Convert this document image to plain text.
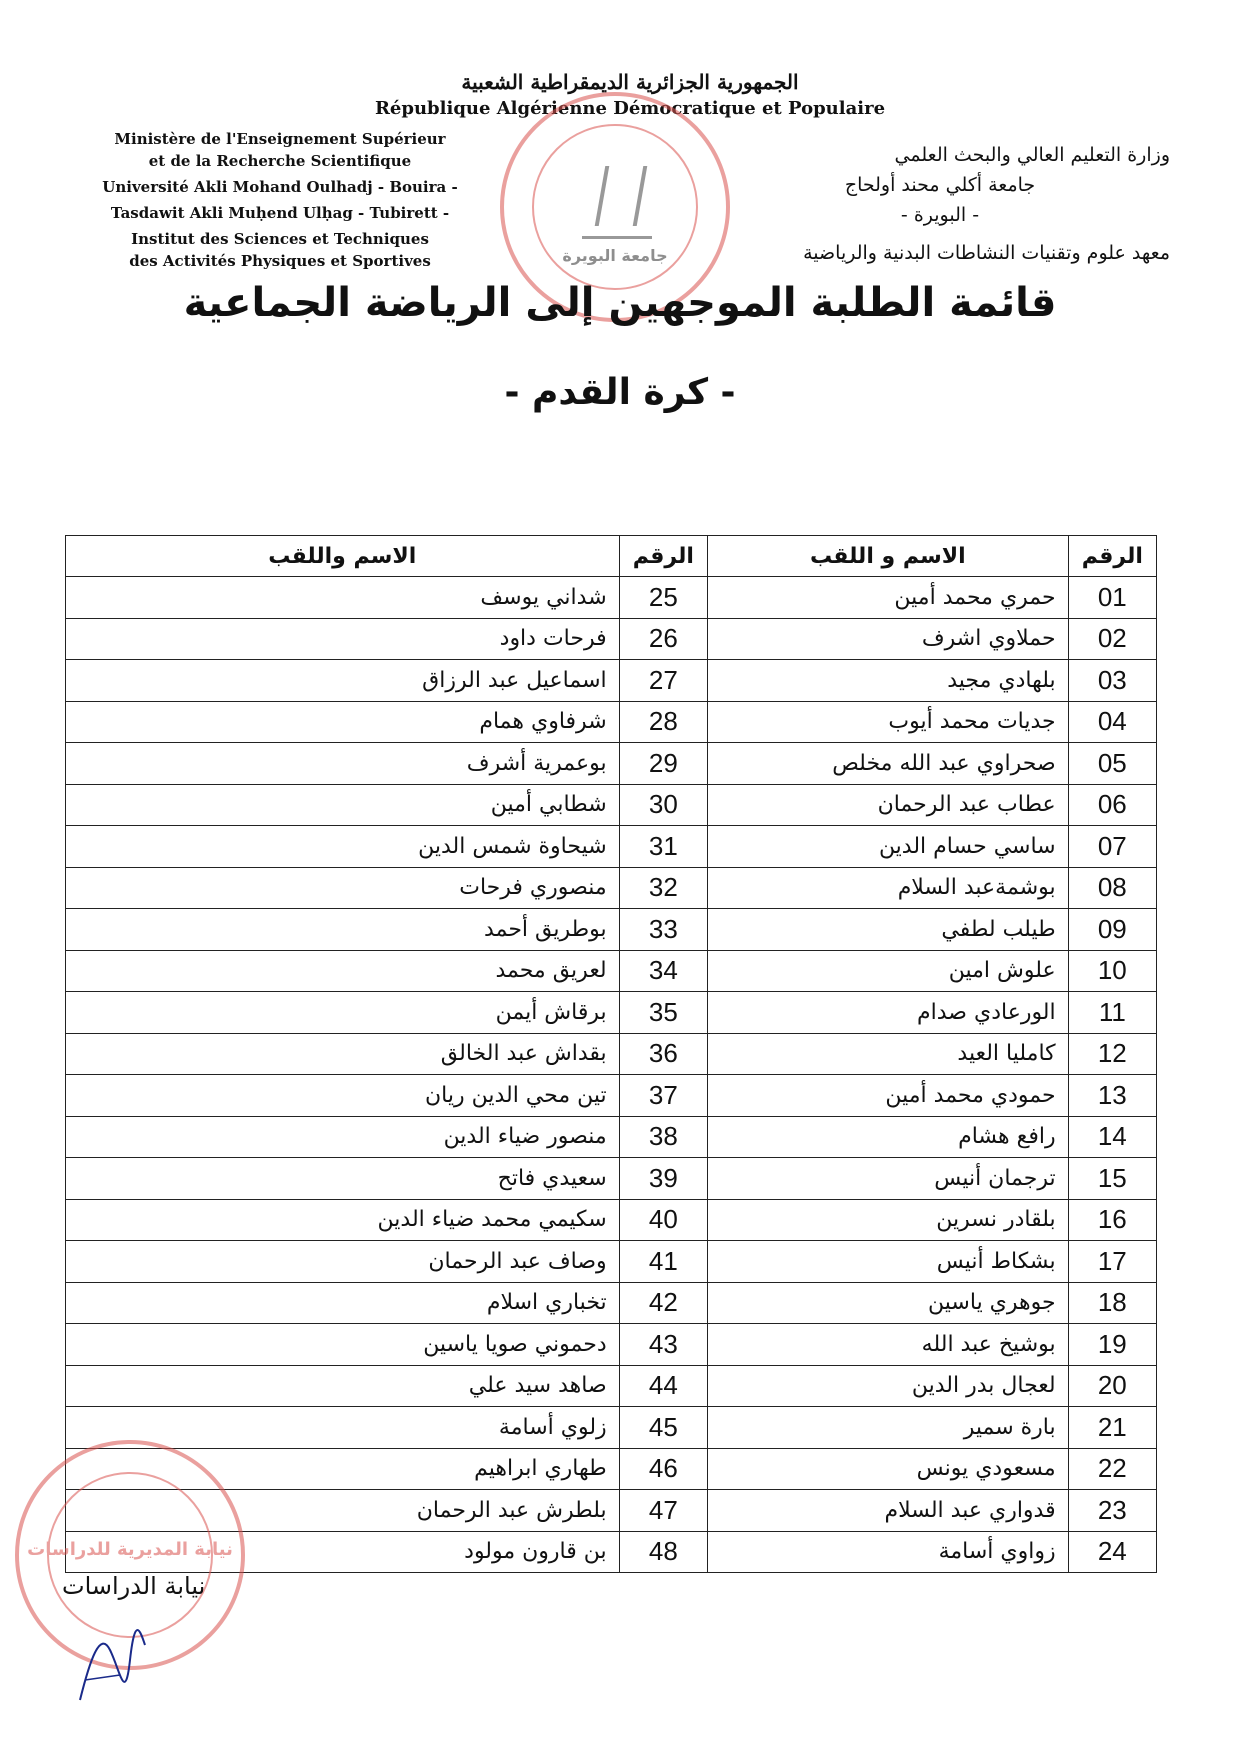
الجمهورية الجزائرية الديمقراطية الشعبية
République Algérienne Démocratique et Populaire
Ministère de l'Enseignement Supérieur
et de la Recherche Scientifique
Université Akli Mohand Oulhadj - Bouira -
Tasdawit Akli Muḥend Ulḥag - Tubirett -
Institut des Sciences et Techniques
des Activités Physiques et Sportives
وزارة التعليم العالي والبحث العلمي
جامعة أكلي محند أولحاج
- البويرة -
معهد علوم وتقنيات النشاطات البدنية والرياضية
جامعة البويرة
قائمة الطلبة الموجهين إلى الرياضة الجماعية
- كرة القدم -
الرقم	الاسم و اللقب	الرقم	الاسم واللقب
01	حمري محمد أمين	25	شداني يوسف
02	حملاوي اشرف	26	فرحات داود
03	بلهادي مجيد	27	اسماعيل عبد الرزاق
04	جديات محمد أيوب	28	شرفاوي همام
05	صحراوي عبد الله مخلص	29	بوعمرية أشرف
06	عطاب عبد الرحمان	30	شطابي أمين
07	ساسي حسام الدين	31	شيحاوة شمس الدين
08	بوشمةعبد السلام	32	منصوري فرحات
09	طيلب لطفي	33	بوطريق أحمد
10	علوش امين	34	لعريق محمد
11	الورعادي صدام	35	برقاش أيمن
12	كامليا العيد	36	بقداش عبد الخالق
13	حمودي محمد أمين	37	تين محي الدين ريان
14	رافع هشام	38	منصور ضياء الدين
15	ترجمان أنيس	39	سعيدي فاتح
16	بلقادر نسرين	40	سكيمي محمد ضياء الدين
17	بشكاط أنيس	41	وصاف عبد الرحمان
18	جوهري ياسين	42	تخباري اسلام
19	بوشيخ عبد الله	43	دحموني صويا ياسين
20	لعجال بدر الدين	44	صاهد سيد علي
21	بارة سمير	45	زلوي أسامة
22	مسعودي يونس	46	طهاري ابراهيم
23	قدواري عبد السلام	47	بلطرش عبد الرحمان
24	زواوي أسامة	48	بن قارون مولود
نيابة المديرية للدراسات
نيابة الدراسات
